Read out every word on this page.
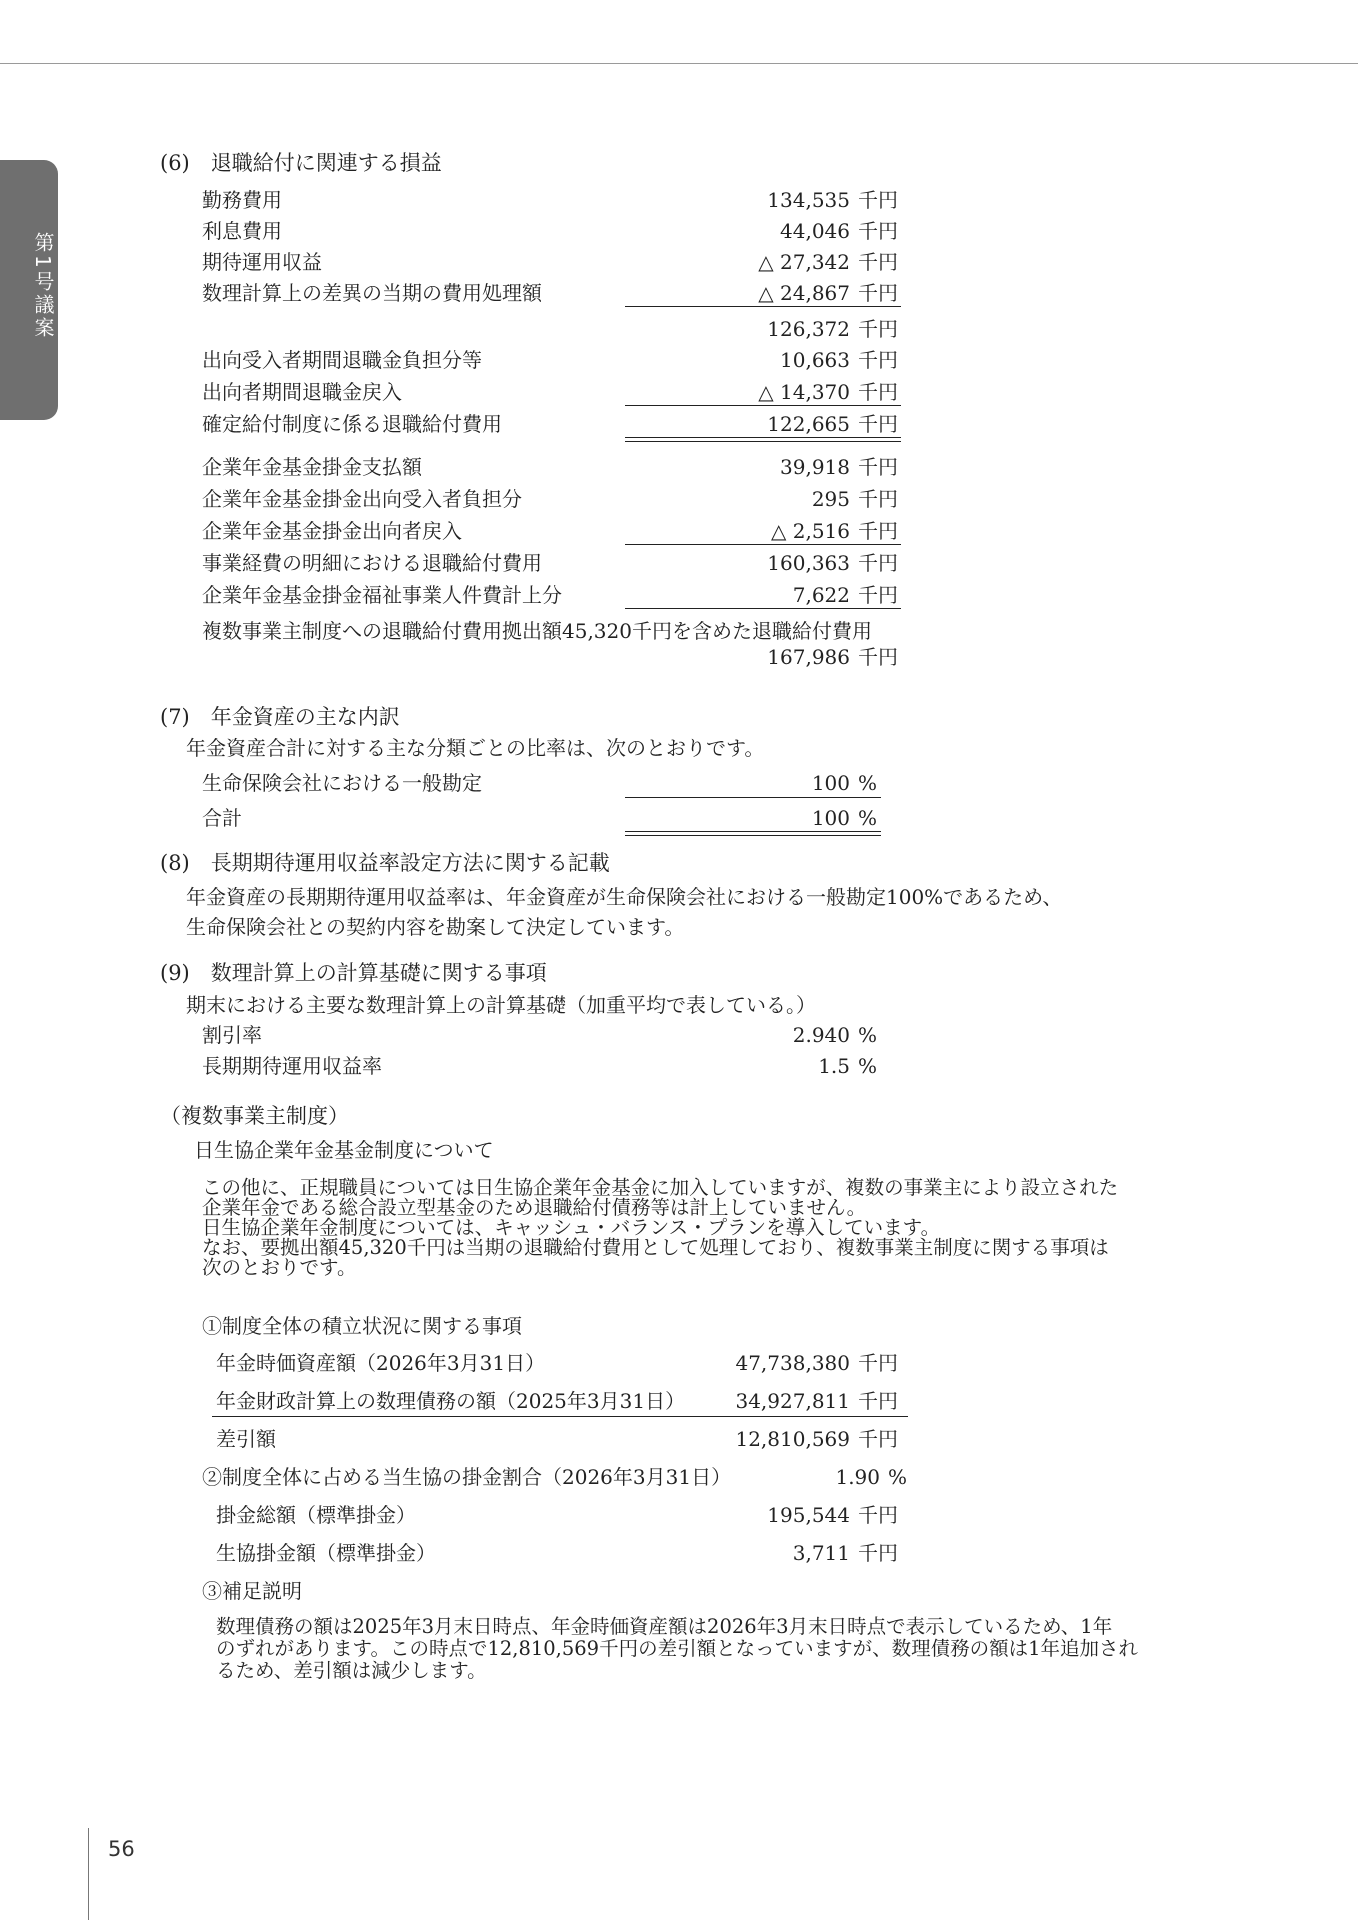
第1号議案
(6)　退職給付に関連する損益
勤務費用	134,535 千円
利息費用	44,046 千円
期待運用収益	△ 27,342 千円
数理計算上の差異の当期の費用処理額	△ 24,867 千円
126,372 千円
出向受入者期間退職金負担分等	10,663 千円
出向者期間退職金戻入	△ 14,370 千円
確定給付制度に係る退職給付費用	122,665 千円
企業年金基金掛金支払額	39,918 千円
企業年金基金掛金出向受入者負担分	295 千円
企業年金基金掛金出向者戻入	△ 2,516 千円
事業経費の明細における退職給付費用	160,363 千円
企業年金基金掛金福祉事業人件費計上分	7,622 千円
複数事業主制度への退職給付費用拠出額45,320千円を含めた退職給付費用
167,986 千円
(7)　年金資産の主な内訳
年金資産合計に対する主な分類ごとの比率は、次のとおりです。
生命保険会社における一般勘定	100 %
合計	100 %
(8)　長期期待運用収益率設定方法に関する記載
年金資産の長期期待運用収益率は、年金資産が生命保険会社における一般勘定100%であるため、
生命保険会社との契約内容を勘案して決定しています。
(9)　数理計算上の計算基礎に関する事項
期末における主要な数理計算上の計算基礎（加重平均で表している。）
割引率	2.940 %
長期期待運用収益率	1.5 %
（複数事業主制度）
日生協企業年金基金制度について
この他に、正規職員については日生協企業年金基金に加入していますが、複数の事業主により設立された
企業年金である総合設立型基金のため退職給付債務等は計上していません。
日生協企業年金制度については、キャッシュ・バランス・プランを導入しています。
なお、要拠出額45,320千円は当期の退職給付費用として処理しており、複数事業主制度に関する事項は
次のとおりです。
①制度全体の積立状況に関する事項
年金時価資産額（2026年3月31日）	47,738,380 千円
年金財政計算上の数理債務の額（2025年3月31日）	34,927,811 千円
差引額	12,810,569 千円
②制度全体に占める当生協の掛金割合（2026年3月31日）	1.90 %
掛金総額（標準掛金）	195,544 千円
生協掛金額（標準掛金）	3,711 千円
③補足説明
数理債務の額は2025年3月末日時点、年金時価資産額は2026年3月末日時点で表示しているため、1年
のずれがあります。この時点で12,810,569千円の差引額となっていますが、数理債務の額は1年追加され
るため、差引額は減少します。
56
